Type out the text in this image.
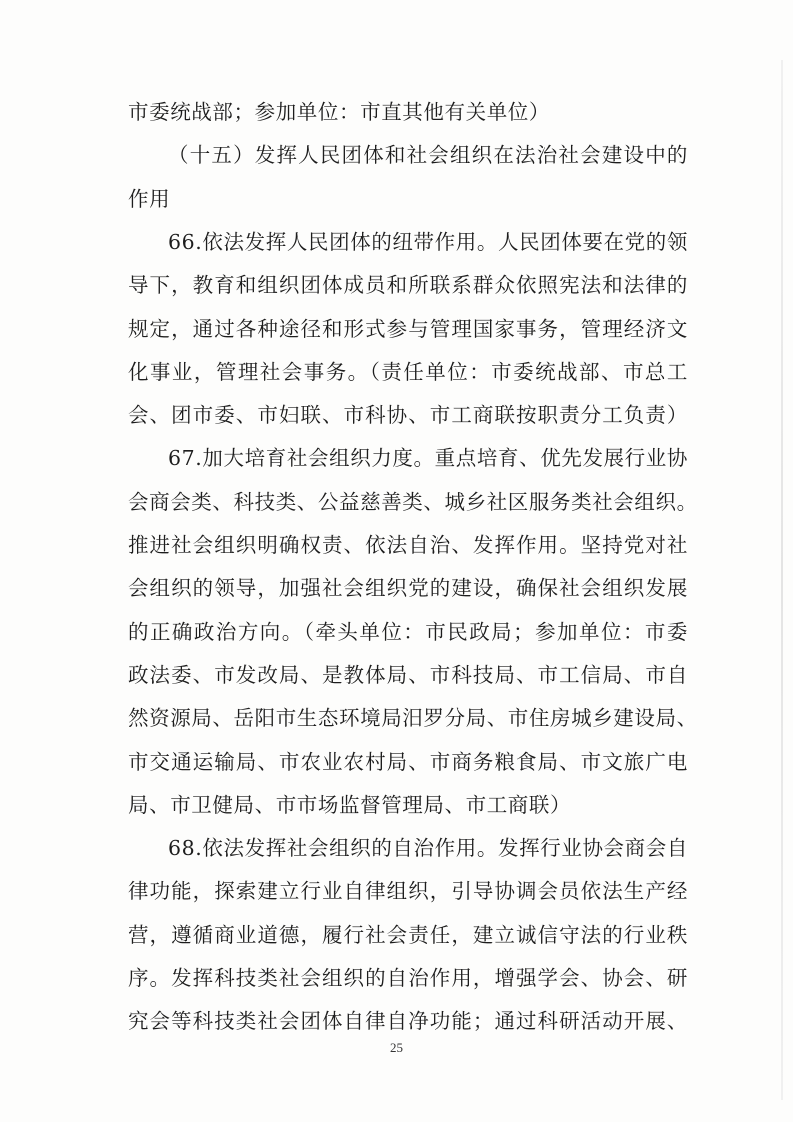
市委统战部；参加单位：市直其他有关单位）
（十五）发挥人民团体和社会组织在法治社会建设中的
作用
66.依法发挥人民团体的纽带作用。人民团体要在党的领
导下，教育和组织团体成员和所联系群众依照宪法和法律的
规定，通过各种途径和形式参与管理国家事务，管理经济文
化事业，管理社会事务。（责任单位：市委统战部、市总工
会、团市委、市妇联、市科协、市工商联按职责分工负责）
67.加大培育社会组织力度。重点培育、优先发展行业协
会商会类、科技类、公益慈善类、城乡社区服务类社会组织。
推进社会组织明确权责、依法自治、发挥作用。坚持党对社
会组织的领导，加强社会组织党的建设，确保社会组织发展
的正确政治方向。（牵头单位：市民政局；参加单位：市委
政法委、市发改局、是教体局、市科技局、市工信局、市自
然资源局、岳阳市生态环境局汨罗分局、市住房城乡建设局、
市交通运输局、市农业农村局、市商务粮食局、市文旅广电
局、市卫健局、市市场监督管理局、市工商联）
68.依法发挥社会组织的自治作用。发挥行业协会商会自
律功能，探索建立行业自律组织，引导协调会员依法生产经
营，遵循商业道德，履行社会责任，建立诚信守法的行业秩
序。发挥科技类社会组织的自治作用，增强学会、协会、研
究会等科技类社会团体自律自净功能；通过科研活动开展、
25
